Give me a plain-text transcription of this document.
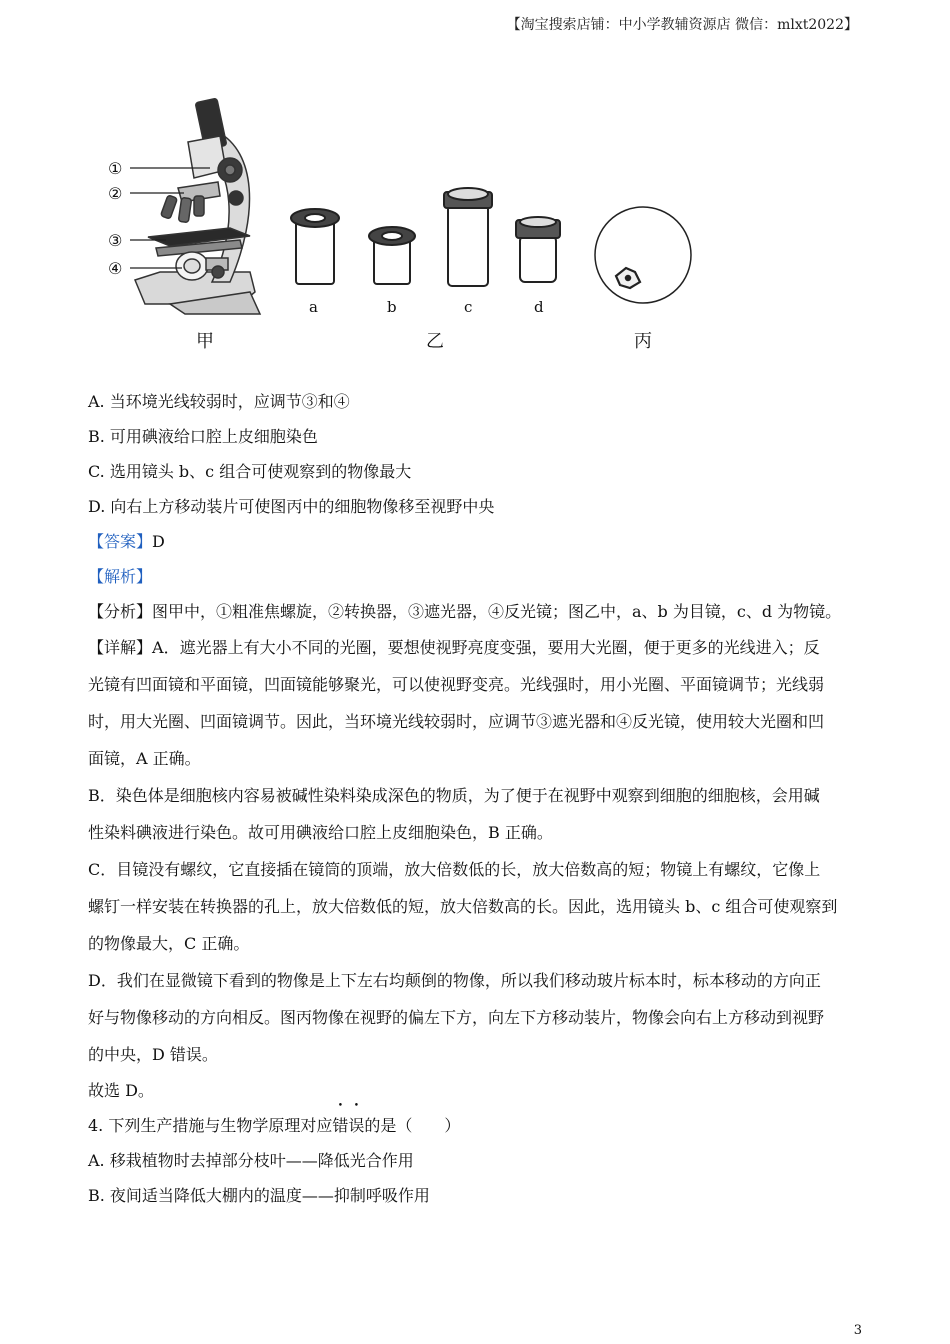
【淘宝搜索店铺：中小学教辅资源店 微信：mlxt2022】
①
②
③
④
a	b	c	d
甲	乙	丙
A. 当环境光线较弱时，应调节③和④
B. 可用碘液给口腔上皮细胞染色
C. 选用镜头 b、c 组合可使观察到的物像最大
D. 向右上方移动装片可使图丙中的细胞物像移至视野中央
【答案】D
【解析】
【分析】图甲中，①粗准焦螺旋，②转换器，③遮光器，④反光镜；图乙中，a、b 为目镜，c、d 为物镜。
【详解】A．遮光器上有大小不同的光圈，要想使视野亮度变强，要用大光圈，便于更多的光线进入；反
光镜有凹面镜和平面镜，凹面镜能够聚光，可以使视野变亮。光线强时，用小光圈、平面镜调节；光线弱
时，用大光圈、凹面镜调节。因此，当环境光线较弱时，应调节③遮光器和④反光镜，使用较大光圈和凹
面镜，A 正确。
B．染色体是细胞核内容易被碱性染料染成深色的物质，为了便于在视野中观察到细胞的细胞核，会用碱
性染料碘液进行染色。故可用碘液给口腔上皮细胞染色，B 正确。
C．目镜没有螺纹，它直接插在镜筒的顶端，放大倍数低的长，放大倍数高的短；物镜上有螺纹，它像上
螺钉一样安装在转换器的孔上，放大倍数低的短，放大倍数高的长。因此，选用镜头 b、c 组合可使观察到
的物像最大，C 正确。
D．我们在显微镜下看到的物像是上下左右均颠倒的物像，所以我们移动玻片标本时，标本移动的方向正
好与物像移动的方向相反。图丙物像在视野的偏左下方，向左下方移动装片，物像会向右上方移动到视野
的中央，D 错误。
故选 D。
4. 下列生产措施与生物学原理对应错误的是（　　）
A. 移栽植物时去掉部分枝叶——降低光合作用
B. 夜间适当降低大棚内的温度——抑制呼吸作用
3
